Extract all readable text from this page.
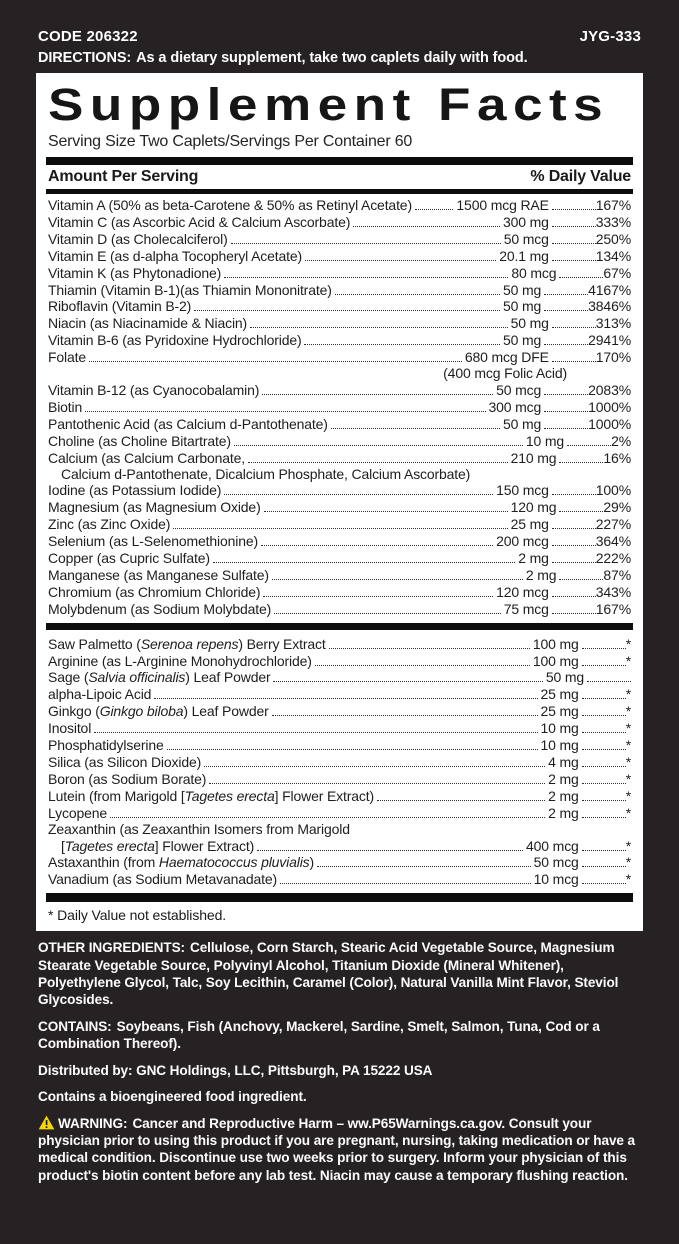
CODE 206322	JYG-333
DIRECTIONS: As a dietary supplement, take two caplets daily with food.
Supplement Facts
Serving Size Two Caplets/Servings Per Container 60
Amount Per Serving	% Daily Value
Vitamin A (50% as beta-Carotene & 50% as Retinyl Acetate)	1500 mcg RAE	167%
Vitamin C (as Ascorbic Acid & Calcium Ascorbate)	300 mg	333%
Vitamin D (as Cholecalciferol)	50 mcg	250%
Vitamin E (as d-alpha Tocopheryl Acetate)	20.1 mg	134%
Vitamin K (as Phytonadione)	80 mcg	67%
Thiamin (Vitamin B-1)(as Thiamin Mononitrate)	50 mg	4167%
Riboflavin (Vitamin B-2)	50 mg	3846%
Niacin (as Niacinamide & Niacin)	50 mg	313%
Vitamin B-6 (as Pyridoxine Hydrochloride)	50 mg	2941%
Folate	680 mcg DFE	170%
(400 mcg Folic Acid)
Vitamin B-12 (as Cyanocobalamin)	50 mcg	2083%
Biotin	300 mcg	1000%
Pantothenic Acid (as Calcium d-Pantothenate)	50 mg	1000%
Choline (as Choline Bitartrate)	10 mg	2%
Calcium (as Calcium Carbonate,	210 mg	16%
Calcium d-Pantothenate, Dicalcium Phosphate, Calcium Ascorbate)
Iodine (as Potassium Iodide)	150 mcg	100%
Magnesium (as Magnesium Oxide)	120 mg	29%
Zinc (as Zinc Oxide)	25 mg	227%
Selenium (as L-Selenomethionine)	200 mcg	364%
Copper (as Cupric Sulfate)	2 mg	222%
Manganese (as Manganese Sulfate)	2 mg	87%
Chromium (as Chromium Chloride)	120 mcg	343%
Molybdenum (as Sodium Molybdate)	75 mcg	167%
Saw Palmetto (Serenoa repens) Berry Extract	100 mg	*
Arginine (as L-Arginine Monohydrochloride)	100 mg	*
Sage (Salvia officinalis) Leaf Powder	50 mg
alpha-Lipoic Acid	25 mg	*
Ginkgo (Ginkgo biloba) Leaf Powder	25 mg	*
Inositol	10 mg	*
Phosphatidylserine	10 mg	*
Silica (as Silicon Dioxide)	4 mg	*
Boron (as Sodium Borate)	2 mg	*
Lutein (from Marigold [Tagetes erecta] Flower Extract)	2 mg	*
Lycopene	2 mg	*
Zeaxanthin (as Zeaxanthin Isomers from Marigold
[Tagetes erecta] Flower Extract)	400 mcg	*
Astaxanthin (from Haematococcus pluvialis)	50 mcg	*
Vanadium (as Sodium Metavanadate)	10 mcg	*
* Daily Value not established.

OTHER INGREDIENTS: Cellulose, Corn Starch, Stearic Acid Vegetable Source, Magnesium Stearate Vegetable Source, Polyvinyl Alcohol, Titanium Dioxide (Mineral Whitener), Polyethylene Glycol, Talc, Soy Lecithin, Caramel (Color), Natural Vanilla Mint Flavor, Steviol Glycosides.

CONTAINS: Soybeans, Fish (Anchovy, Mackerel, Sardine, Smelt, Salmon, Tuna, Cod or a Combination Thereof).

Distributed by: GNC Holdings, LLC, Pittsburgh, PA 15222 USA

Contains a bioengineered food ingredient.

WARNING: Cancer and Reproductive Harm – ww.P65Warnings.ca.gov. Consult your physician prior to using this product if you are pregnant, nursing, taking medication or have a medical condition. Discontinue use two weeks prior to surgery. Inform your physician of this product's biotin content before any lab test. Niacin may cause a temporary flushing reaction.
